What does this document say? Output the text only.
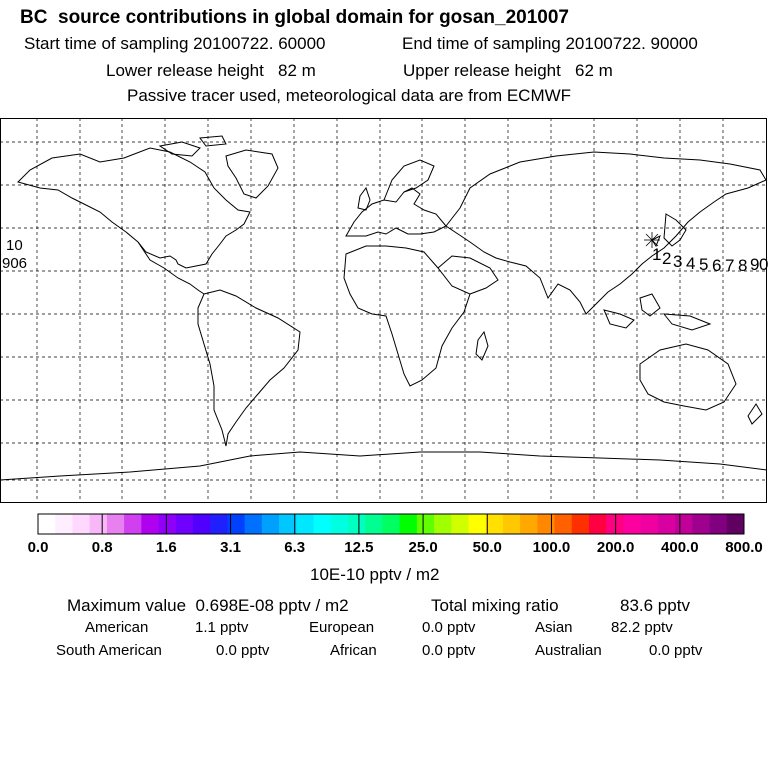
BC  source contributions in global domain for gosan_201007
Start time of sampling 20100722. 60000	End time of sampling 20100722. 90000
Lower release height   82 m	Upper release height   62 m
Passive tracer used, meteorological data are from ECMWF
1 2 3 4 5 6 7 8 9 0
10
906
0.0	0.8	1.6	3.1	6.3	12.5 25.0 50.0 100.0 200.0 400.0 800.0
10E-10 pptv / m2
Maximum value  0.698E-08 pptv / m2	Total mixing ratio	83.6 pptv
American	1.1 pptv	European	0.0 pptv	Asian	82.2 pptv
South American	0.0 pptv	African	0.0 pptv	Australian	0.0 pptv
